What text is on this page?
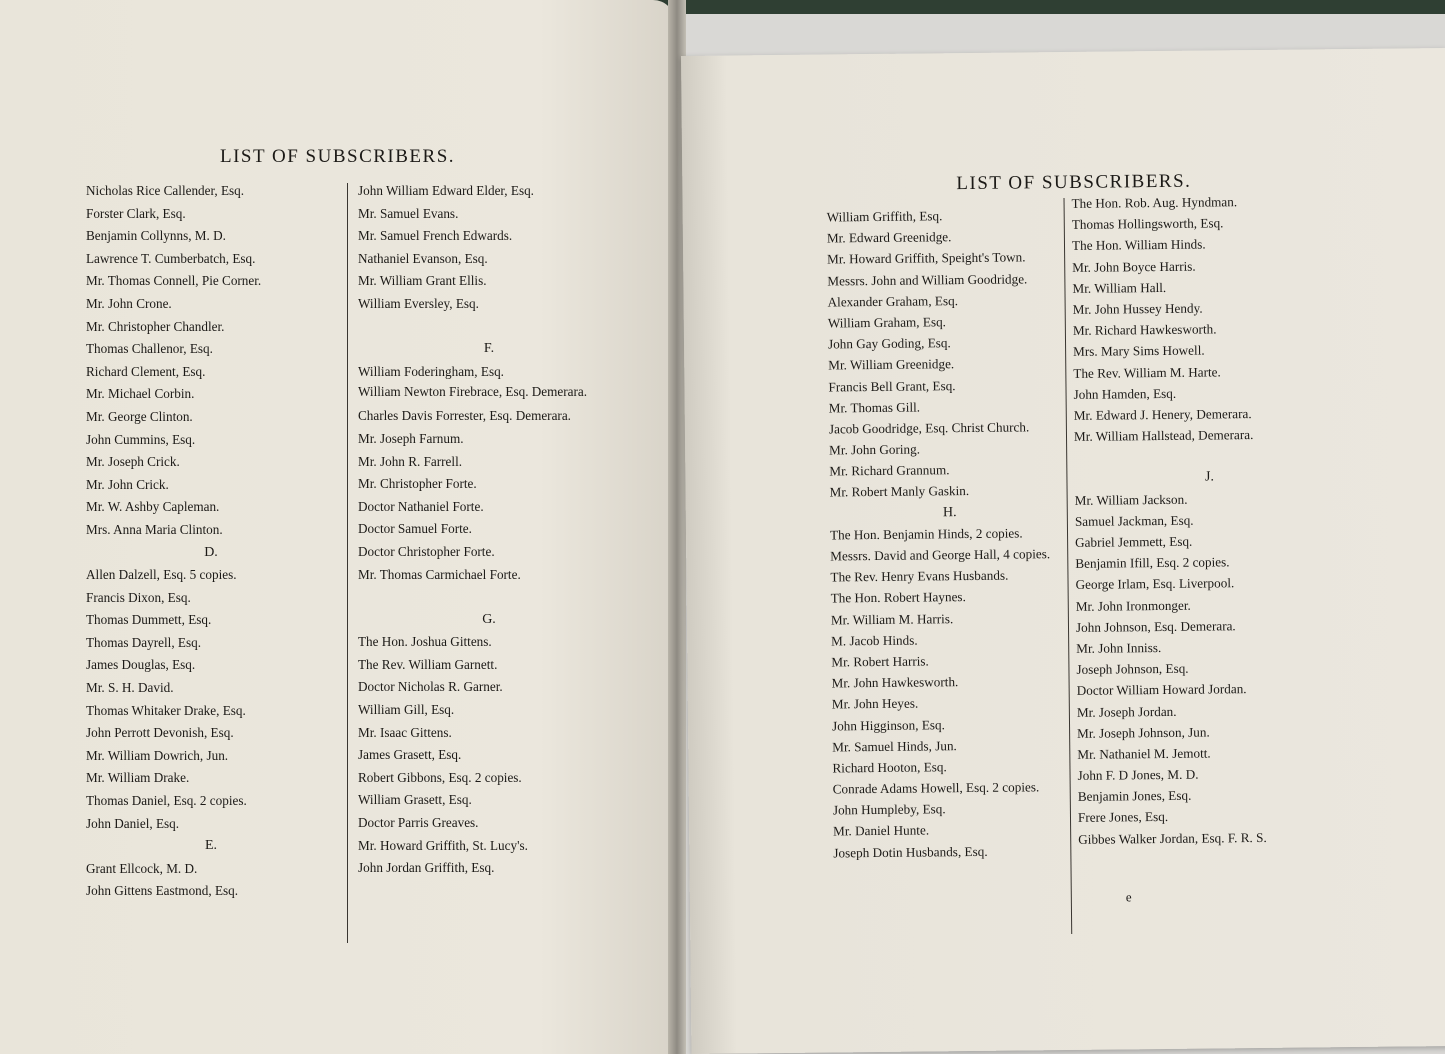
LIST OF SUBSCRIBERS.
Nicholas Rice Callender, Esq.
Forster Clark, Esq.
Benjamin Collynns, M. D.
Lawrence T. Cumberbatch, Esq.
Mr. Thomas Connell, Pie Corner.
Mr. John Crone.
Mr. Christopher Chandler.
Thomas Challenor, Esq.
Richard Clement, Esq.
Mr. Michael Corbin.
Mr. George Clinton.
John Cummins, Esq.
Mr. Joseph Crick.
Mr. John Crick.
Mr. W. Ashby Capleman.
Mrs. Anna Maria Clinton.
D.
Allen Dalzell, Esq. 5 copies.
Francis Dixon, Esq.
Thomas Dummett, Esq.
Thomas Dayrell, Esq.
James Douglas, Esq.
Mr. S. H. David.
Thomas Whitaker Drake, Esq.
John Perrott Devonish, Esq.
Mr. William Dowrich, Jun.
Mr. William Drake.
Thomas Daniel, Esq. 2 copies.
John Daniel, Esq.
E.
Grant Ellcock, M. D.
John Gittens Eastmond, Esq.
John William Edward Elder, Esq.
Mr. Samuel Evans.
Mr. Samuel French Edwards.
Nathaniel Evanson, Esq.
Mr. William Grant Ellis.
William Eversley, Esq.
F.
William Foderingham, Esq.
William Newton Firebrace, Esq. Demerara.
Charles Davis Forrester, Esq. Demerara.
Mr. Joseph Farnum.
Mr. John R. Farrell.
Mr. Christopher Forte.
Doctor Nathaniel Forte.
Doctor Samuel Forte.
Doctor Christopher Forte.
Mr. Thomas Carmichael Forte.
G.
The Hon. Joshua Gittens.
The Rev. William Garnett.
Doctor Nicholas R. Garner.
William Gill, Esq.
Mr. Isaac Gittens.
James Grasett, Esq.
Robert Gibbons, Esq. 2 copies.
William Grasett, Esq.
Doctor Parris Greaves.
Mr. Howard Griffith, St. Lucy's.
John Jordan Griffith, Esq.
LIST OF SUBSCRIBERS.
William Griffith, Esq.
Mr. Edward Greenidge.
Mr. Howard Griffith, Speight's Town.
Messrs. John and William Goodridge.
Alexander Graham, Esq.
William Graham, Esq.
John Gay Goding, Esq.
Mr. William Greenidge.
Francis Bell Grant, Esq.
Mr. Thomas Gill.
Jacob Goodridge, Esq. Christ Church.
Mr. John Goring.
Mr. Richard Grannum.
Mr. Robert Manly Gaskin.
H.
The Hon. Benjamin Hinds, 2 copies.
Messrs. David and George Hall, 4 copies.
The Rev. Henry Evans Husbands.
The Hon. Robert Haynes.
Mr. William M. Harris.
M. Jacob Hinds.
Mr. Robert Harris.
Mr. John Hawkesworth.
Mr. John Heyes.
John Higginson, Esq.
Mr. Samuel Hinds, Jun.
Richard Hooton, Esq.
Conrade Adams Howell, Esq. 2 copies.
John Humpleby, Esq.
Mr. Daniel Hunte.
Joseph Dotin Husbands, Esq.
The Hon. Rob. Aug. Hyndman.
Thomas Hollingsworth, Esq.
The Hon. William Hinds.
Mr. John Boyce Harris.
Mr. William Hall.
Mr. John Hussey Hendy.
Mr. Richard Hawkesworth.
Mrs. Mary Sims Howell.
The Rev. William M. Harte.
John Hamden, Esq.
Mr. Edward J. Henery, Demerara.
Mr. William Hallstead, Demerara.
J.
Mr. William Jackson.
Samuel Jackman, Esq.
Gabriel Jemmett, Esq.
Benjamin Ifill, Esq. 2 copies.
George Irlam, Esq. Liverpool.
Mr. John Ironmonger.
John Johnson, Esq. Demerara.
Mr. John Inniss.
Joseph Johnson, Esq.
Doctor William Howard Jordan.
Mr. Joseph Jordan.
Mr. Joseph Johnson, Jun.
Mr. Nathaniel M. Jemott.
John F. D Jones, M. D.
Benjamin Jones, Esq.
Frere Jones, Esq.
Gibbes Walker Jordan, Esq. F. R. S.
e
